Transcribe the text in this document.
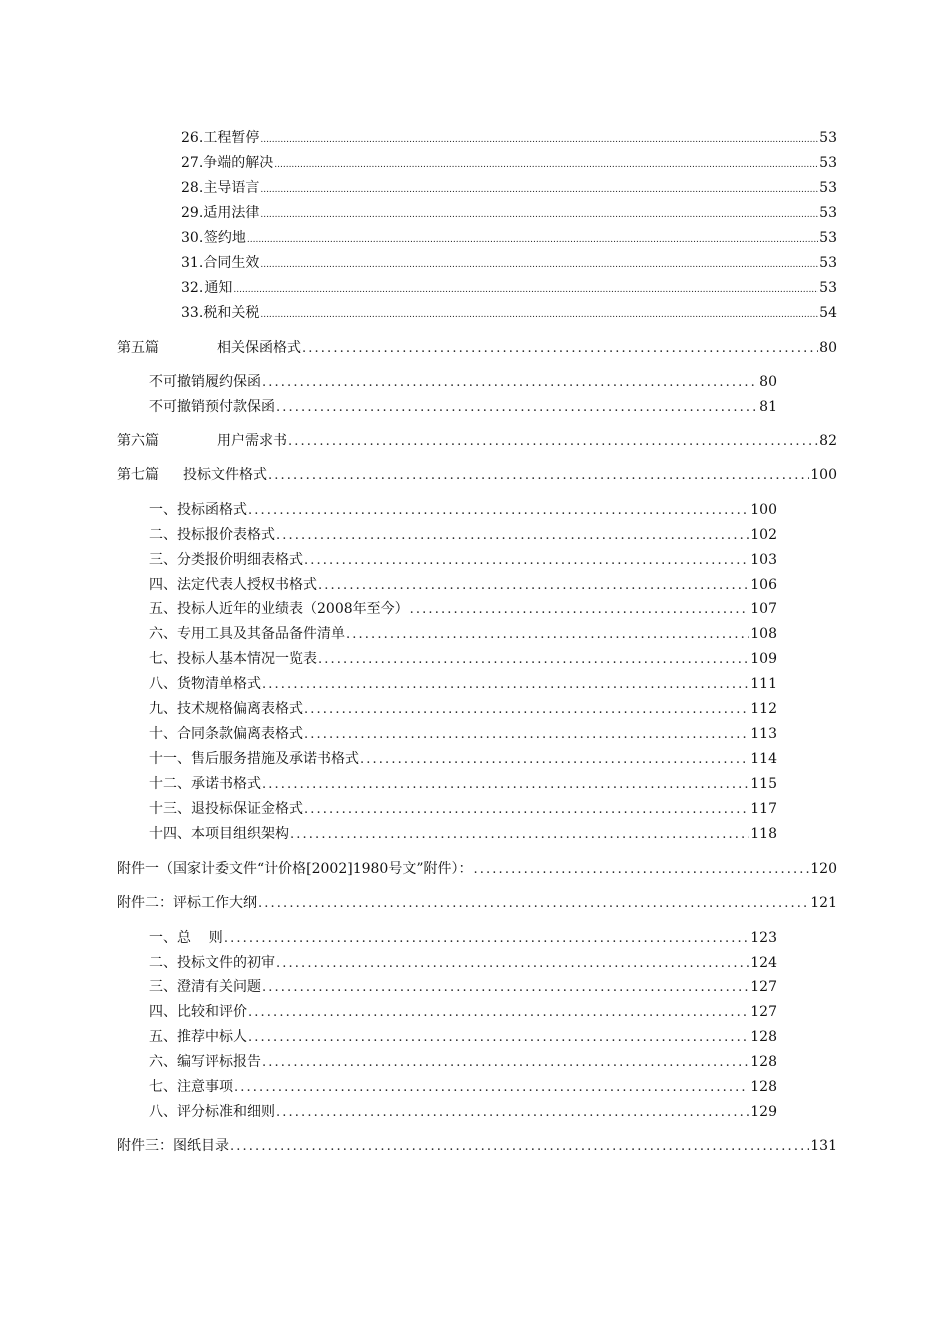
26. 工程暂停 .....	53
27. 争端的解决 .....	53
28. 主导语言 .....	53
29. 适用法律 .....	53
30. 签约地 .....	53
31. 合同生效 .....	53
32. 通知 .....	53
33. 税和关税 .....	54
第五篇	相关保函格式 . . .	80
不可撤销履约保函 . . .	80
不可撤销预付款保函 . . .	81
第六篇	用户需求书 . . .	82
第七篇	投标文件格式 . . .	100
一、投标函格式 . . .	100
二、投标报价表格式 . . .	102
三、分类报价明细表格式 . . .	103
四、法定代表人授权书格式 . . .	106
五、投标人近年的业绩表（2008年至今） . . .	107
六、专用工具及其备品备件清单 . . .	108
七、投标人基本情况一览表 . . .	109
八、货物清单格式 . . .	111
九、技术规格偏离表格式 . . .	112
十、合同条款偏离表格式 . . .	113
十一、售后服务措施及承诺书格式 . . .	114
十二、承诺书格式 . . .	115
十三、退投标保证金格式 . . .	117
十四、本项目组织架构 . . .	118
附件一（国家计委文件“计价格[2002]1980号文”附件）： . . .	120
附件二：评标工作大纲 . . .	121
一、总    则 . . .	123
二、投标文件的初审 . . .	124
三、澄清有关问题 . . .	127
四、比较和评价 . . .	127
五、推荐中标人 . . .	128
六、编写评标报告 . . .	128
七、注意事项 . . .	128
八、评分标准和细则 . . .	129
附件三：图纸目录 . . .	131
